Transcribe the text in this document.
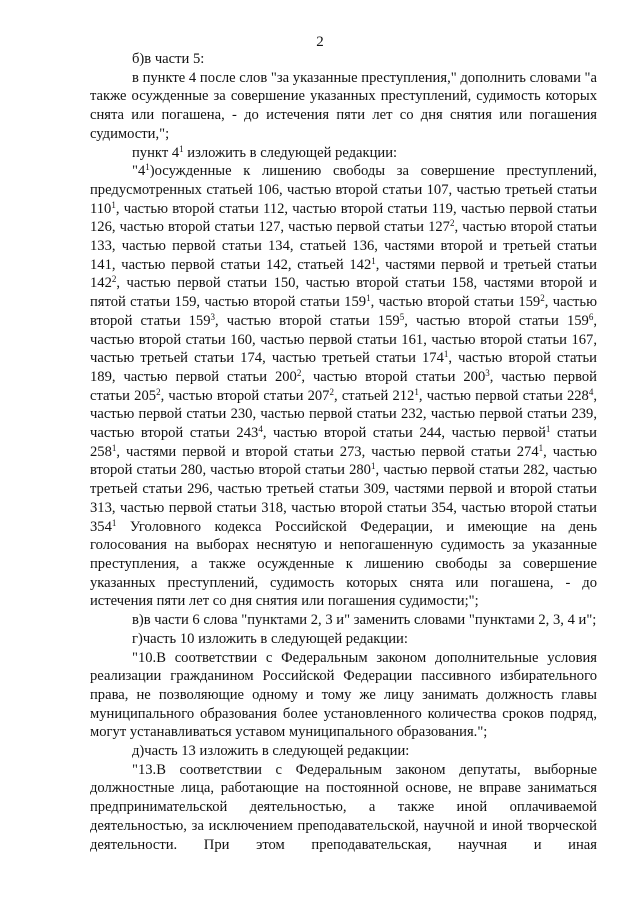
2

б)в части 5:

в пункте 4 после слов "за указанные преступления," дополнить словами "а также осужденные за совершение указанных преступлений, судимость которых снята или погашена, - до истечения пяти лет со дня снятия или погашения судимости,";

пункт $4^1$ изложить в следующей редакции:

"$4^1)осужденные$ к лишению свободы за совершение преступлений, предусмотренных статьей 106, частью второй статьи 107, частью третьей статьи $110^1$, частью второй статьи 112, частью второй статьи 119, частью первой статьи 126, частью второй статьи 127, частью первой статьи $127^2$, частью второй статьи 133, частью первой статьи 134, статьей 136, частями второй и третьей статьи 141, частью первой статьи 142, статьей $142^1$, частями первой и третьей статьи $142^2$, частью первой статьи 150, частью второй статьи 158, частями второй и пятой статьи 159, частью второй статьи $159^1$, частью второй статьи $159^2$, частью второй статьи $159^3$, частью второй статьи $159^5$, частью второй статьи $159^6$, частью второй статьи 160, частью первой статьи 161, частью второй статьи 167, частью третьей статьи 174, частью третьей статьи $174^1$, частью второй статьи 189, частью первой статьи $200^2$, частью второй статьи $200^3$, частью первой статьи $205^2$, частью второй статьи $207^2$, статьей $212^1$, частью первой статьи $228^4$, частью первой статьи 230, частью первой статьи 232, частью первой статьи 239, частью второй статьи $243^4$, частью второй статьи 244, частью первой$^1$ статьи $258^1$, частями первой и второй статьи 273, частью первой статьи $274^1$, частью второй статьи 280, частью второй статьи $280^1$, частью первой статьи 282, частью третьей статьи 296, частью третьей статьи 309, частями первой и второй статьи 313, частью первой статьи 318, частью второй статьи 354, частью второй статьи $354^1$ Уголовного кодекса Российской Федерации, и имеющие на день голосования на выборах неснятую и непогашенную судимость за указанные преступления, а также осужденные к лишению свободы за совершение указанных преступлений, судимость которых снята или погашена, - до истечения пяти лет со дня снятия или погашения судимости;";

в)в части 6 слова "пунктами 2, 3 и" заменить словами "пунктами 2, 3, 4 и";

г)часть 10 изложить в следующей редакции:

"10.В соответствии с Федеральным законом дополнительные условия реализации гражданином Российской Федерации пассивного избирательного права, не позволяющие одному и тому же лицу занимать должность главы муниципального образования более установленного количества сроков подряд, могут устанавливаться уставом муниципального образования.";

д)часть 13 изложить в следующей редакции:

"13.В соответствии с Федеральным законом депутаты, выборные должностные лица, работающие на постоянной основе, не вправе заниматься предпринимательской деятельностью, а также иной оплачиваемой деятельностью, за исключением преподавательской, научной и иной творческой деятельности. При этом преподавательская, научная и иная
